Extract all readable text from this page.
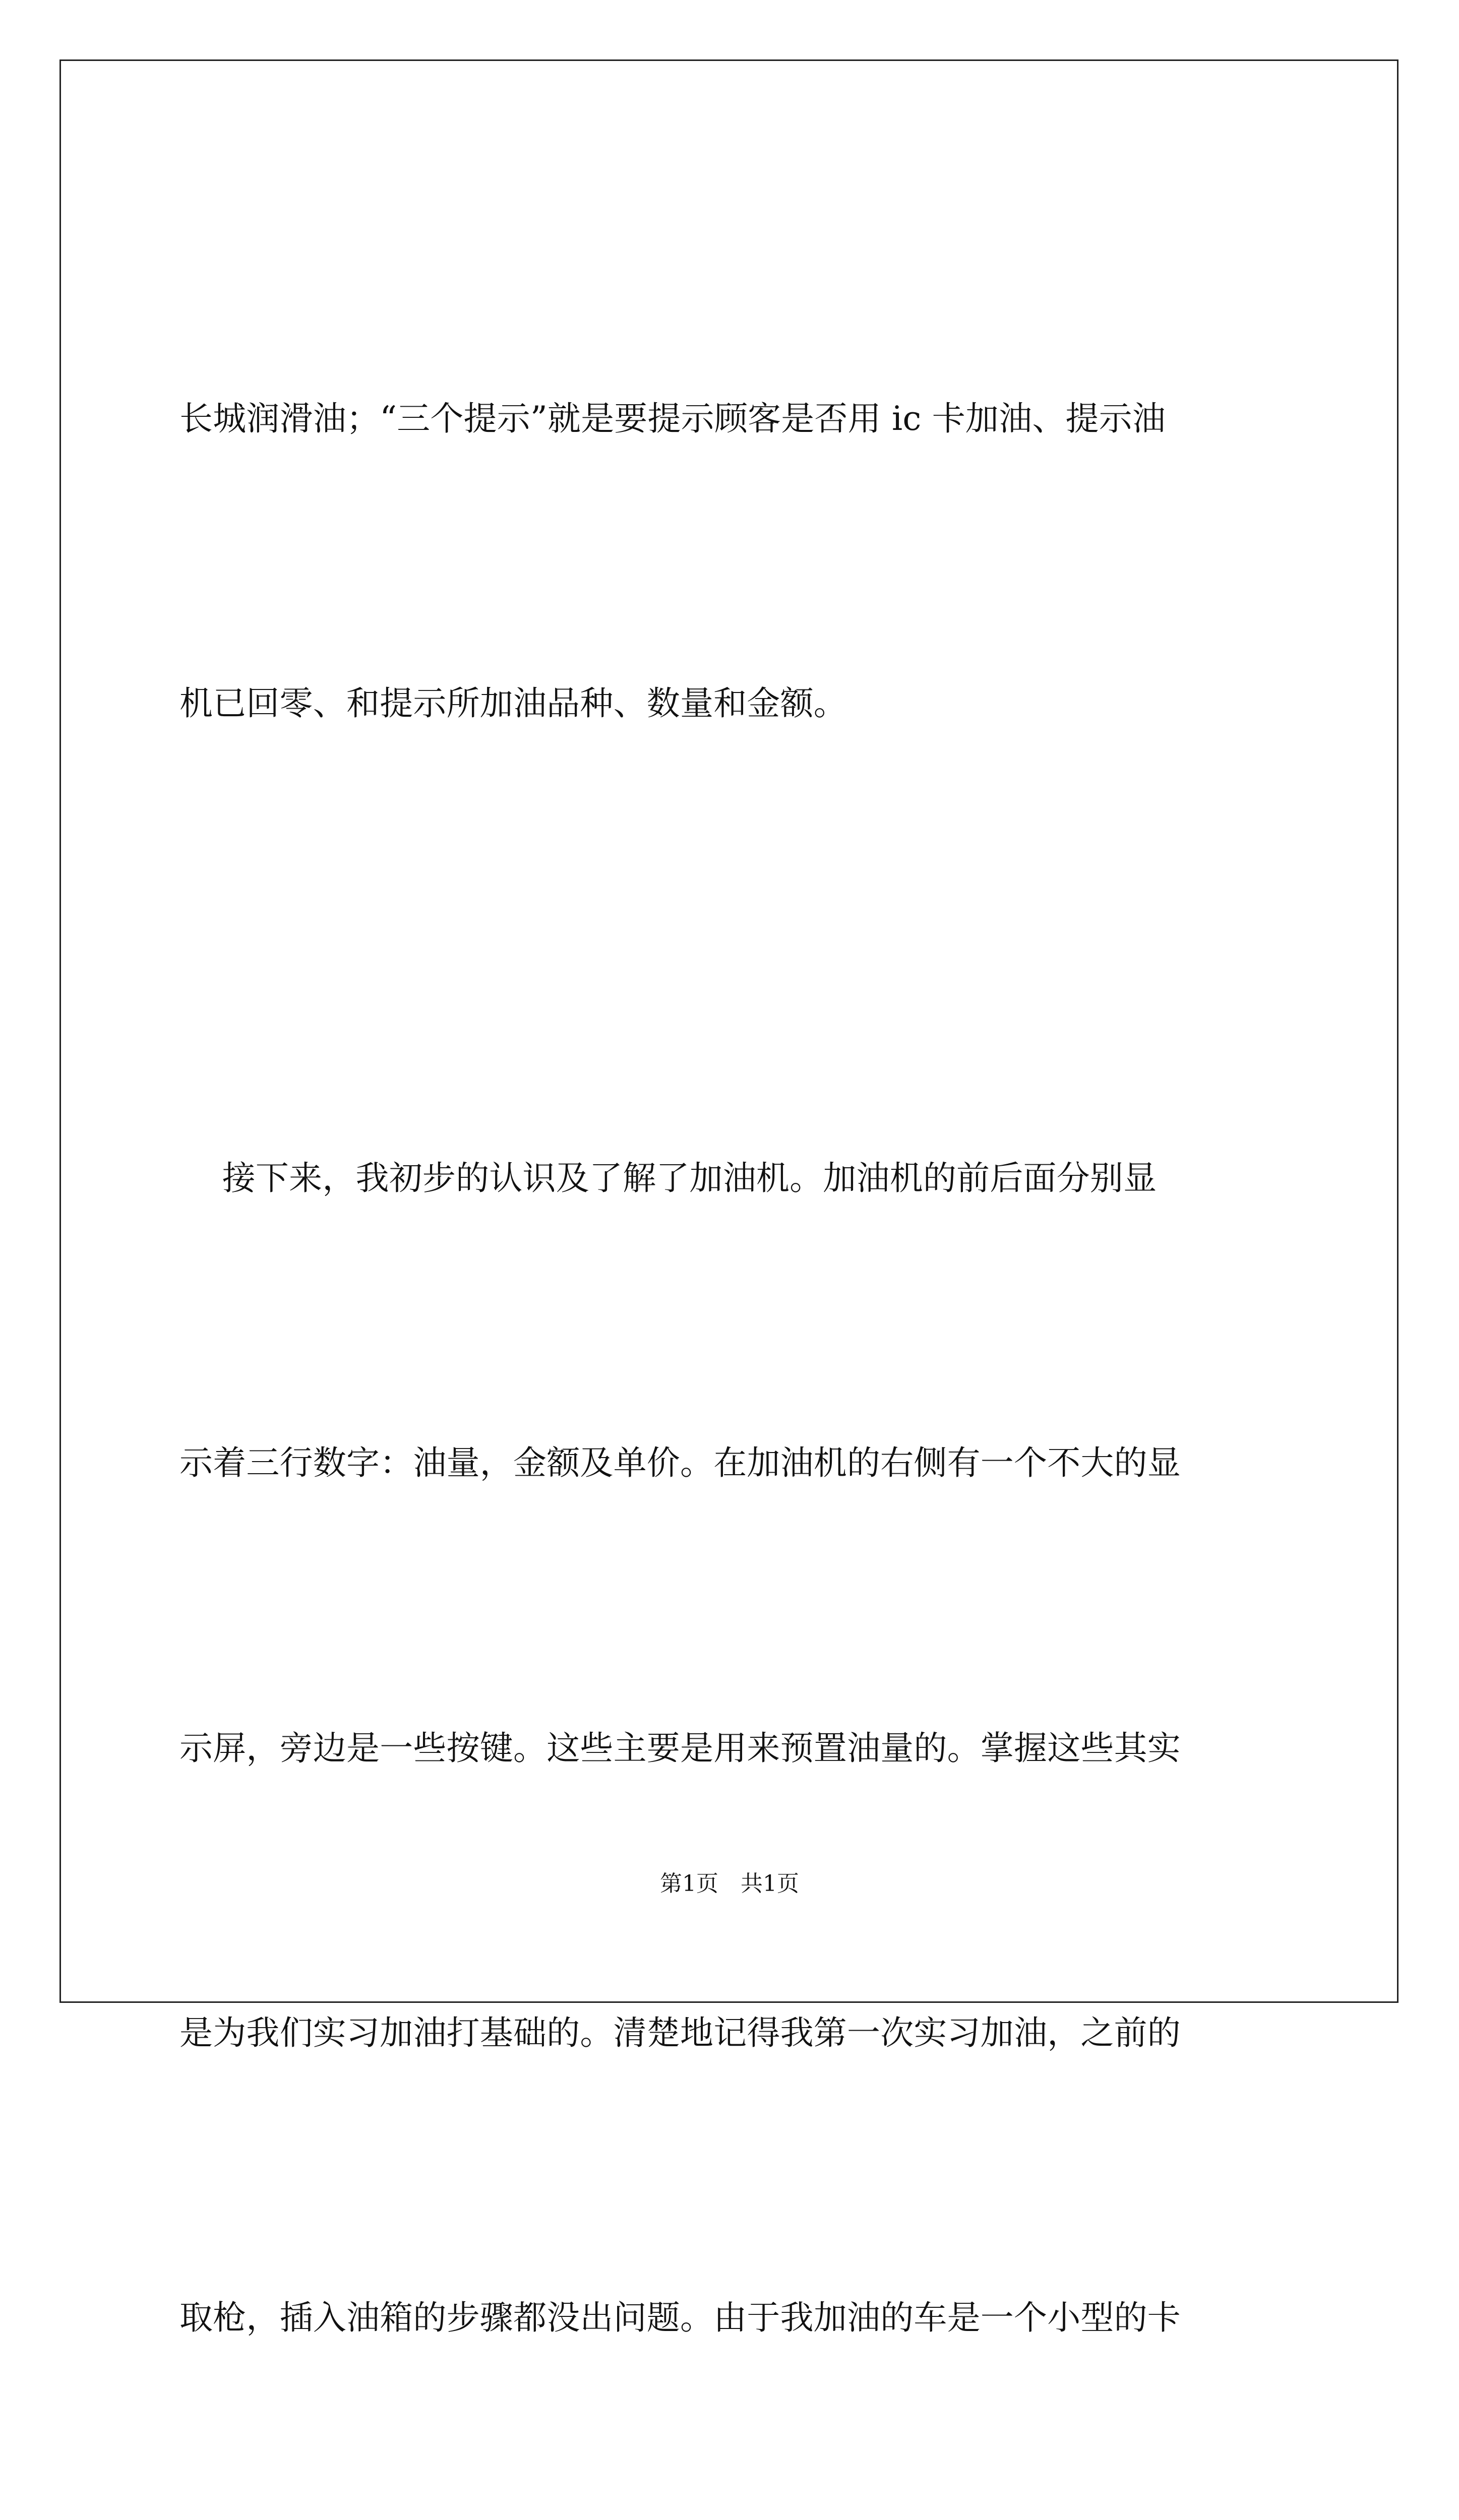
长城润滑油；“三个提示”就是要提示顾客是否用 ic 卡加油、提示油

机已回零、和提示所加油品种、数量和金额。

接下来，我初步的认识及了解了加油机。加油机的前后面分别显

示着三行数字：油量，金额及单价。在加油机的右侧有一个不大的显

示屏，旁边是一些按键。这些主要是用来预置油量的。掌握这些其实

是为我们实习加油打基础的。清楚地记得我第一次实习加油，之前的

取枪，插入油箱的步骤都没出问题。由于我加油的车是一个小型的卡

第1页　共1页
